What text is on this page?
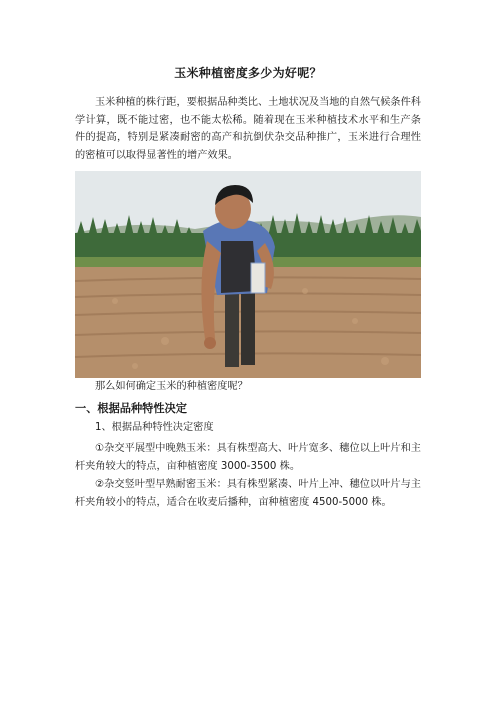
玉米种植密度多少为好呢？

玉米种植的株行距，要根据品种类比、土地状况及当地的自然气候条件科学计算，既不能过密，也不能太松稀。随着现在玉米种植技术水平和生产条件的提高，特别是紧凑耐密的高产和抗倒伏杂交品种推广，玉米进行合理性的密植可以取得显著性的增产效果。

那么如何确定玉米的种植密度呢？

一、根据品种特性决定

1、根据品种特性决定密度

①杂交平展型中晚熟玉米：具有株型高大、叶片宽多、穗位以上叶片和主杆夹角较大的特点，亩种植密度 3000-3500 株。

②杂交竖叶型早熟耐密玉米：具有株型紧凑、叶片上冲、穗位以叶片与主杆夹角较小的特点，适合在收麦后播种，亩种植密度 4500-5000 株。
